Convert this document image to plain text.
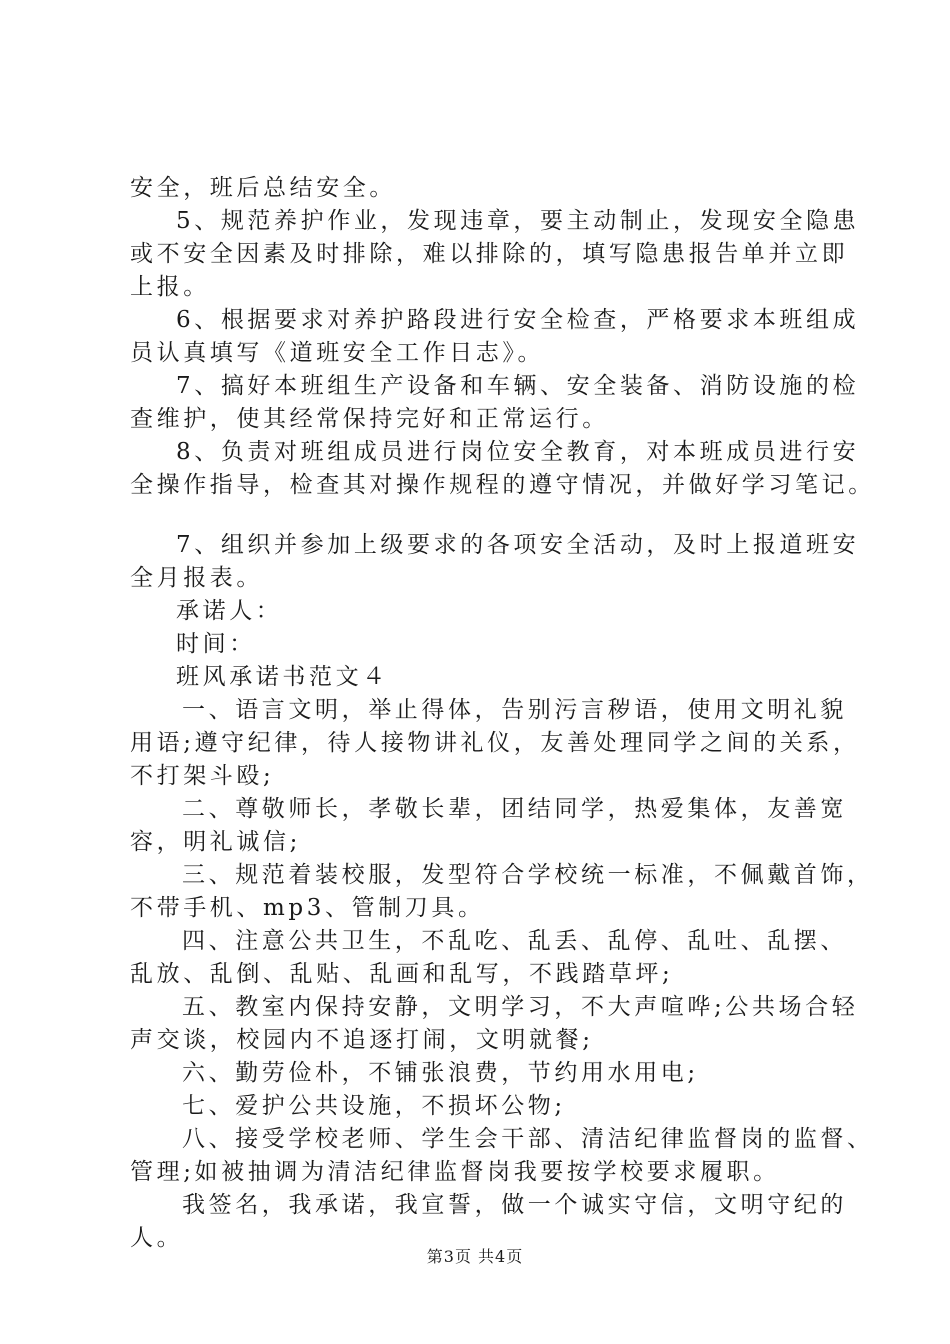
安全，班后总结安全。
5、规范养护作业，发现违章，要主动制止，发现安全隐患
或不安全因素及时排除，难以排除的，填写隐患报告单并立即
上报。
6、根据要求对养护路段进行安全检查，严格要求本班组成
员认真填写《道班安全工作日志》。
7、搞好本班组生产设备和车辆、安全装备、消防设施的检
查维护，使其经常保持完好和正常运行。
8、负责对班组成员进行岗位安全教育，对本班成员进行安
全操作指导，检查其对操作规程的遵守情况，并做好学习笔记。
7、组织并参加上级要求的各项安全活动，及时上报道班安
全月报表。
承诺人：
时间：
班风承诺书范文４
一、语言文明，举止得体，告别污言秽语，使用文明礼貌
用语;遵守纪律，待人接物讲礼仪，友善处理同学之间的关系，
不打架斗殴;
二、尊敬师长，孝敬长辈，团结同学，热爱集体，友善宽
容，明礼诚信;
三、规范着装校服，发型符合学校统一标准，不佩戴首饰，
不带手机、mp3、管制刀具。
四、注意公共卫生，不乱吃、乱丢、乱停、乱吐、乱摆、
乱放、乱倒、乱贴、乱画和乱写，不践踏草坪;
五、教室内保持安静，文明学习，不大声喧哗;公共场合轻
声交谈，校园内不追逐打闹，文明就餐;
六、勤劳俭朴，不铺张浪费，节约用水用电;
七、爱护公共设施，不损坏公物;
八、接受学校老师、学生会干部、清洁纪律监督岗的监督、
管理;如被抽调为清洁纪律监督岗我要按学校要求履职。
我签名，我承诺，我宣誓，做一个诚实守信，文明守纪的
人。
第3页 共4页
